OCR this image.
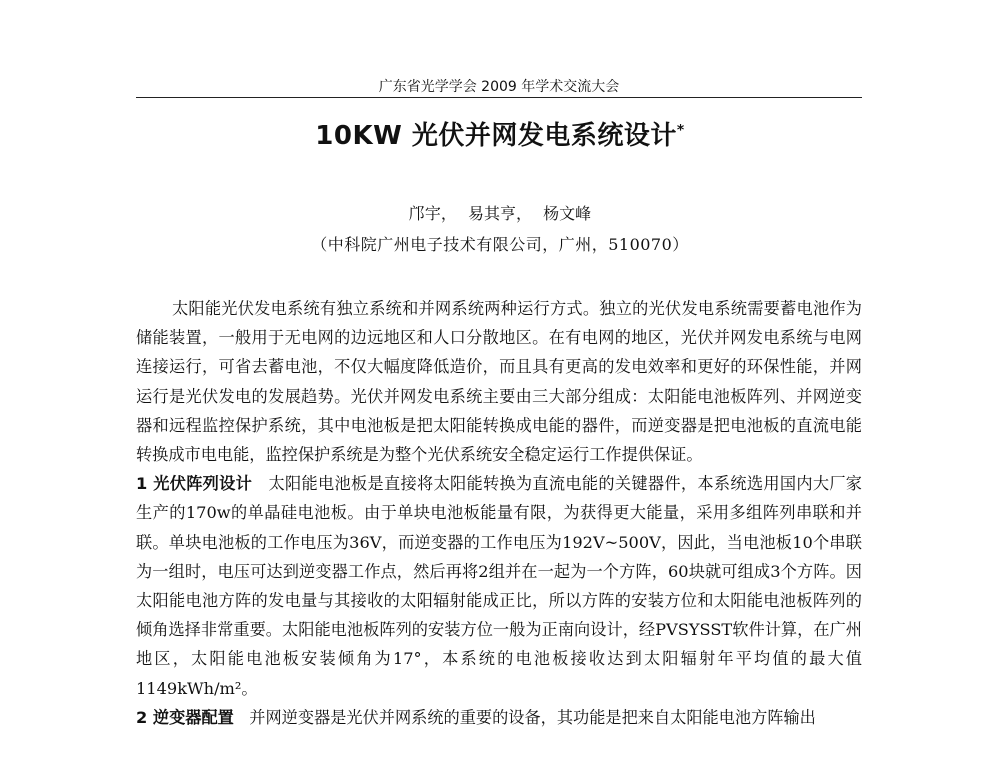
广东省光学学会 2009 年学术交流大会
10KW 光伏并网发电系统设计*
邝宇， 易其亨， 杨文峰
（中科院广州电子技术有限公司，广州，510070）

太阳能光伏发电系统有独立系统和并网系统两种运行方式。独立的光伏发电系统需要蓄电池作为储能装置，一般用于无电网的边远地区和人口分散地区。在有电网的地区，光伏并网发电系统与电网连接运行，可省去蓄电池，不仅大幅度降低造价，而且具有更高的发电效率和更好的环保性能，并网运行是光伏发电的发展趋势。光伏并网发电系统主要由三大部分组成：太阳能电池板阵列、并网逆变器和远程监控保护系统，其中电池板是把太阳能转换成电能的器件，而逆变器是把电池板的直流电能转换成市电电能，监控保护系统是为整个光伏系统安全稳定运行工作提供保证。

1 光伏阵列设计 太阳能电池板是直接将太阳能转换为直流电能的关键器件，本系统选用国内大厂家生产的170w的单晶硅电池板。由于单块电池板能量有限，为获得更大能量，采用多组阵列串联和并联。单块电池板的工作电压为36V，而逆变器的工作电压为192V~500V，因此，当电池板10个串联为一组时，电压可达到逆变器工作点，然后再将2组并在一起为一个方阵，60块就可组成3个方阵。因太阳能电池方阵的发电量与其接收的太阳辐射能成正比，所以方阵的安装方位和太阳能电池板阵列的倾角选择非常重要。太阳能电池板阵列的安装方位一般为正南向设计，经PVSYSST软件计算，在广州地区，太阳能电池板安装倾角为17°，本系统的电池板接收达到太阳辐射年平均值的最大值1149kWh/m²。

2 逆变器配置 并网逆变器是光伏并网系统的重要的设备，其功能是把来自太阳能电池方阵输出
